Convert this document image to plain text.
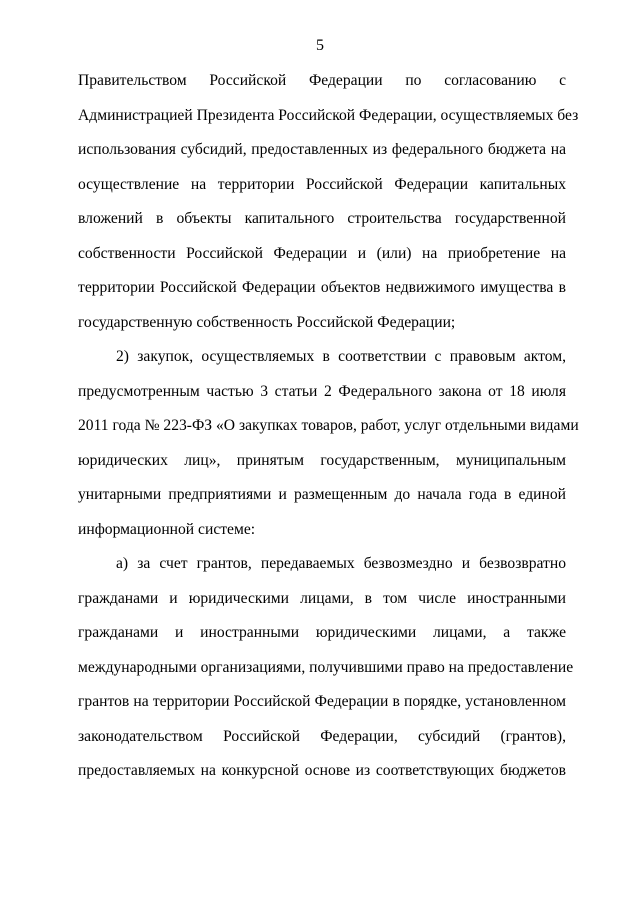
5
Правительством Российской Федерации по согласованию с
Администрацией Президента Российской Федерации, осуществляемых без
использования субсидий, предоставленных из федерального бюджета на
осуществление на территории Российской Федерации капитальных
вложений в объекты капитального строительства государственной
собственности Российской Федерации и (или) на приобретение на
территории Российской Федерации объектов недвижимого имущества в
государственную собственность Российской Федерации;
2) закупок, осуществляемых в соответствии с правовым актом,
предусмотренным частью 3 статьи 2 Федерального закона от 18 июля
2011 года № 223-ФЗ «О закупках товаров, работ, услуг отдельными видами
юридических лиц», принятым государственным, муниципальным
унитарными предприятиями и размещенным до начала года в единой
информационной системе:
а) за счет грантов, передаваемых безвозмездно и безвозвратно
гражданами и юридическими лицами, в том числе иностранными
гражданами и иностранными юридическими лицами, а также
международными организациями, получившими право на предоставление
грантов на территории Российской Федерации в порядке, установленном
законодательством Российской Федерации, субсидий (грантов),
предоставляемых на конкурсной основе из соответствующих бюджетов
